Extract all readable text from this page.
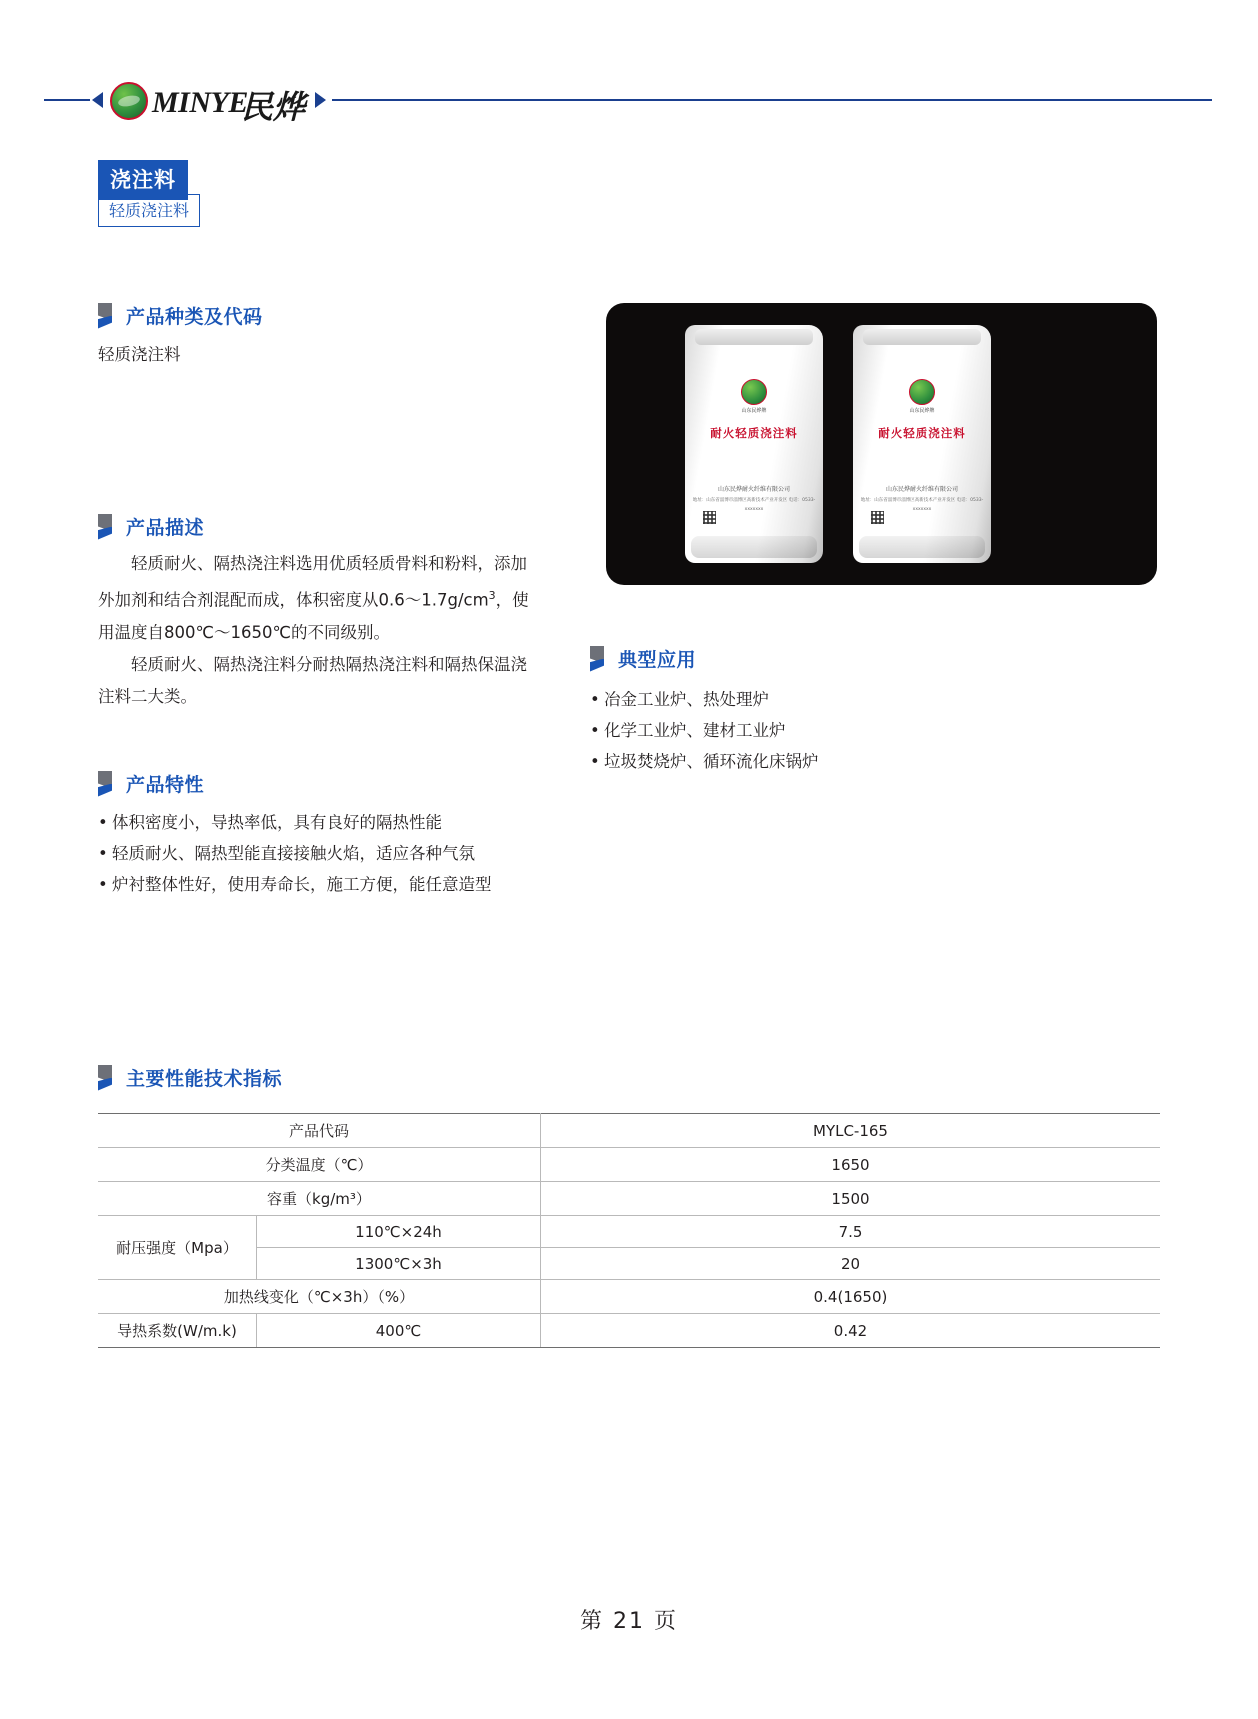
MINYE
民烨
浇注料
轻质浇注料
产品种类及代码
轻质浇注料
产品描述

轻质耐火、隔热浇注料选用优质轻质骨料和粉料，添加外加剂和结合剂混配而成，体积密度从$0.6\sim 1.7g/cm^3$，使用温度自800℃～1650℃的不同级别。

轻质耐火、隔热浇注料分耐热隔热浇注料和隔热保温浇注料二大类。

产品特性
• 体积密度小，导热率低，具有良好的隔热性能
• 轻质耐火、隔热型能直接接触火焰，适应各种气氛
• 炉衬整体性好，使用寿命长，施工方便，能任意造型
山东民烨牌
耐火轻质浇注料
山东民烨耐火纤维有限公司
地址：山东省淄博市淄博区高新技术产业开发区 电话：0533-xxxxxxx
山东民烨牌
耐火轻质浇注料
山东民烨耐火纤维有限公司
地址：山东省淄博市淄博区高新技术产业开发区 电话：0533-xxxxxxx
典型应用
• 冶金工业炉、热处理炉
• 化学工业炉、建材工业炉
• 垃圾焚烧炉、循环流化床锅炉
主要性能技术指标
产品代码		MYLC-165
分类温度（℃）		1650
容重（kg/m³）		1500
耐压强度（Mpa）	110℃×24h	7.5
	1300℃×3h	20
加热线变化（℃×3h）（%）		0.4(1650)
导热系数(W/m.k)	400℃	0.42
第 21 页
